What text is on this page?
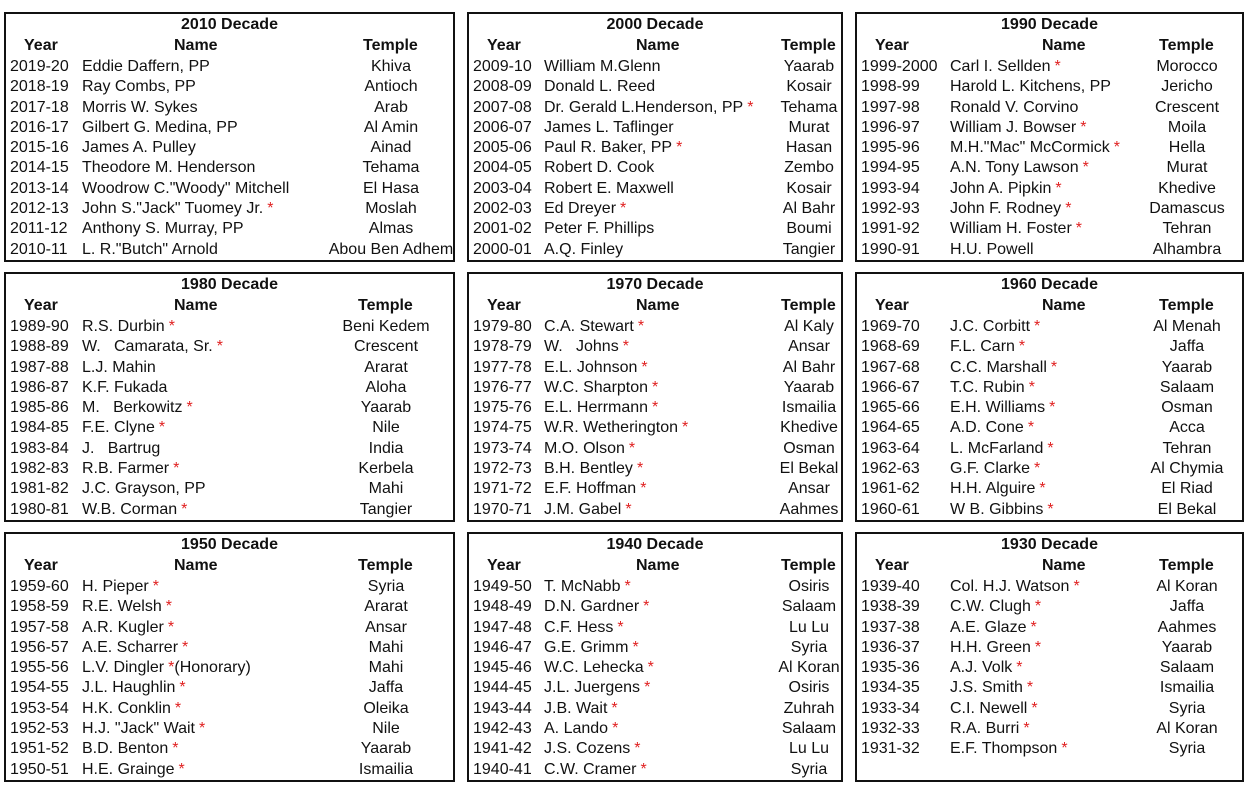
2010 Decade
Year	Name	Temple
2019-20 Eddie Daffern, PP	Khiva
2018-19 Ray Combs, PP	Antioch
2017-18 Morris W. Sykes	Arab
2016-17 Gilbert G. Medina, PP	Al Amin
2015-16 James A. Pulley	Ainad
2014-15 Theodore M. Henderson	Tehama
2013-14 Woodrow C."Woody" Mitchell	El Hasa
2012-13 John S."Jack" Tuomey Jr. *	Moslah
2011-12 Anthony S. Murray, PP	Almas
2010-11 L. R."Butch" Arnold	Abou Ben Adhem
2000 Decade
Year	Name	Temple
2009-10 William M.Glenn	Yaarab
2008-09 Donald L. Reed	Kosair
2007-08 Dr. Gerald L.Henderson, PP *	Tehama
2006-07 James L. Taflinger	Murat
2005-06 Paul R. Baker, PP *	Hasan
2004-05 Robert D. Cook	Zembo
2003-04 Robert E. Maxwell	Kosair
2002-03 Ed Dreyer *	Al Bahr
2001-02 Peter F. Phillips	Boumi
2000-01 A.Q. Finley	Tangier
1990 Decade
Year	Name	Temple
1999-2000 Carl I. Sellden *	Morocco
1998-99 Harold L. Kitchens, PP	Jericho
1997-98 Ronald V. Corvino	Crescent
1996-97 William J. Bowser *	Moila
1995-96 M.H."Mac" McCormick *	Hella
1994-95 A.N. Tony Lawson *	Murat
1993-94 John A. Pipkin *	Khedive
1992-93 John F. Rodney *	Damascus
1991-92 William H. Foster *	Tehran
1990-91 H.U. Powell	Alhambra
1980 Decade
Year	Name	Temple
1989-90 R.S. Durbin *	Beni Kedem
1988-89 W.   Camarata, Sr. *	Crescent
1987-88 L.J. Mahin	Ararat
1986-87 K.F. Fukada	Aloha
1985-86 M.   Berkowitz *	Yaarab
1984-85 F.E. Clyne *	Nile
1983-84 J.   Bartrug	India
1982-83 R.B. Farmer *	Kerbela
1981-82 J.C. Grayson, PP	Mahi
1980-81 W.B. Corman *	Tangier
1970 Decade
Year	Name	Temple
1979-80 C.A. Stewart *	Al Kaly
1978-79 W.   Johns *	Ansar
1977-78 E.L. Johnson *	Al Bahr
1976-77 W.C. Sharpton *	Yaarab
1975-76 E.L. Herrmann *	Ismailia
1974-75 W.R. Wetherington *	Khedive
1973-74 M.O. Olson *	Osman
1972-73 B.H. Bentley *	El Bekal
1971-72 E.F. Hoffman *	Ansar
1970-71 J.M. Gabel *	Aahmes
1960 Decade
Year	Name	Temple
1969-70 J.C. Corbitt *	Al Menah
1968-69 F.L. Carn *	Jaffa
1967-68 C.C. Marshall *	Yaarab
1966-67 T.C. Rubin *	Salaam
1965-66 E.H. Williams *	Osman
1964-65 A.D. Cone *	Acca
1963-64 L. McFarland *	Tehran
1962-63 G.F. Clarke *	Al Chymia
1961-62 H.H. Alguire *	El Riad
1960-61 W B. Gibbins *	El Bekal
1950 Decade
Year	Name	Temple
1959-60 H. Pieper *	Syria
1958-59 R.E. Welsh *	Ararat
1957-58 A.R. Kugler *	Ansar
1956-57 A.E. Scharrer *	Mahi
1955-56 L.V. Dingler *(Honorary)	Mahi
1954-55 J.L. Haughlin *	Jaffa
1953-54 H.K. Conklin *	Oleika
1952-53 H.J. "Jack" Wait *	Nile
1951-52 B.D. Benton *	Yaarab
1950-51 H.E. Grainge *	Ismailia
1940 Decade
Year	Name	Temple
1949-50 T. McNabb *	Osiris
1948-49 D.N. Gardner *	Salaam
1947-48 C.F. Hess *	Lu Lu
1946-47 G.E. Grimm *	Syria
1945-46 W.C. Lehecka *	Al Koran
1944-45 J.L. Juergens *	Osiris
1943-44 J.B. Wait *	Zuhrah
1942-43 A. Lando *	Salaam
1941-42 J.S. Cozens *	Lu Lu
1940-41 C.W. Cramer *	Syria
1930 Decade
Year	Name	Temple
1939-40 Col. H.J. Watson *	Al Koran
1938-39 C.W. Clugh *	Jaffa
1937-38 A.E. Glaze *	Aahmes
1936-37 H.H. Green *	Yaarab
1935-36 A.J. Volk *	Salaam
1934-35 J.S. Smith *	Ismailia
1933-34 C.I. Newell *	Syria
1932-33 R.A. Burri *	Al Koran
1931-32 E.F. Thompson *	Syria
